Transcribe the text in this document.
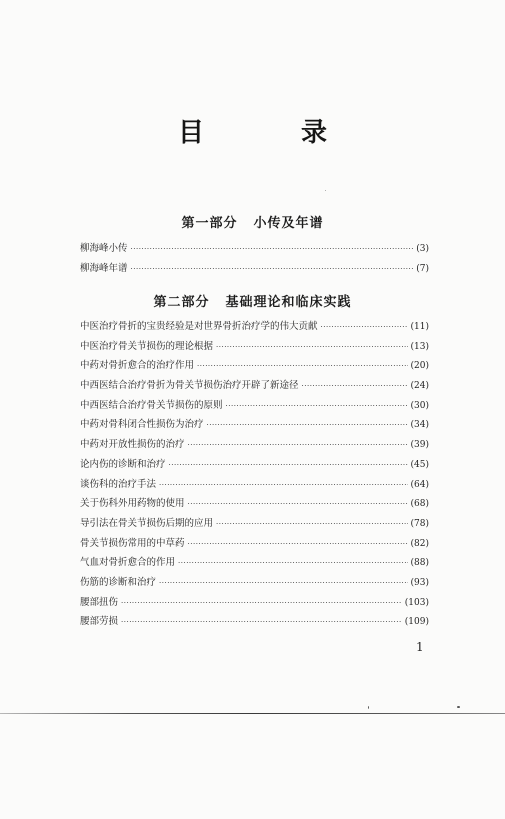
目 录
第一部分 小传及年谱
柳海峰小传 ·····	(3)
柳海峰年谱 ·····	(7)
第二部分 基础理论和临床实践
中医治疗骨折的宝贵经验是对世界骨折治疗学的伟大贡献 ·····	(11)
中医治疗骨关节损伤的理论根据 ·····	(13)
中药对骨折愈合的治疗作用 ·····	(20)
中西医结合治疗骨折为骨关节损伤治疗开辟了新途径 ·····	(24)
中西医结合治疗骨关节损伤的原则 ·····	(30)
中药对骨科闭合性损伤为治疗 ·····	(34)
中药对开放性损伤的治疗 ·····	(39)
论内伤的诊断和治疗 ·····	(45)
谈伤科的治疗手法 ·····	(64)
关于伤科外用药物的使用 ·····	(68)
导引法在骨关节损伤后期的应用 ·····	(78)
骨关节损伤常用的中草药 ·····	(82)
气血对骨折愈合的作用 ·····	(88)
伤筋的诊断和治疗 ·····	(93)
腰部扭伤 ·····	(103)
腰部劳损 ·····	(109)
1
